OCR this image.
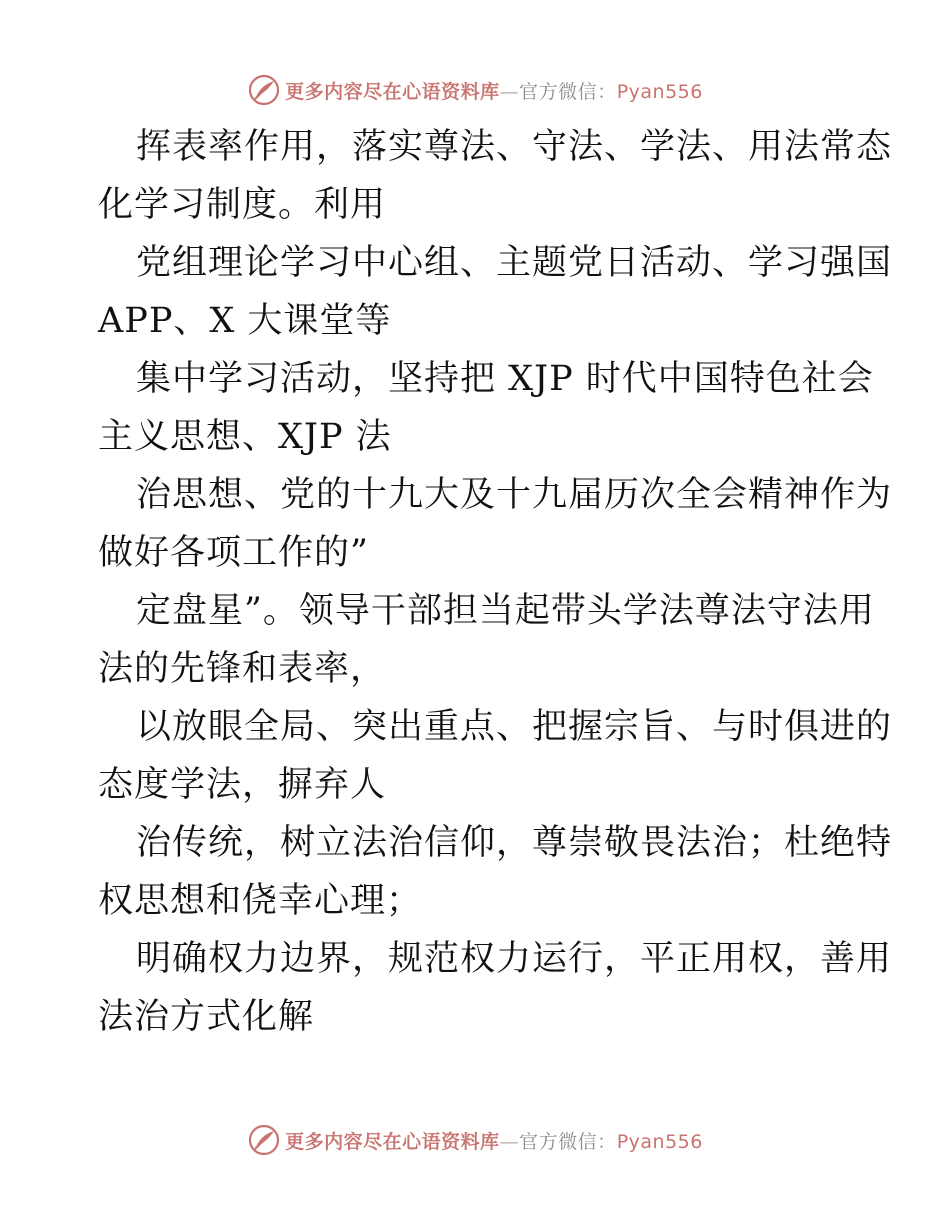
更多内容尽在心语资料库—官方微信：Pyan556
挥表率作用，落实尊法、守法、学法、用法常态
化学习制度。利用
党组理论学习中心组、主题党日活动、学习强国
APP、X 大课堂等
集中学习活动，坚持把 XJP 时代中国特色社会
主义思想、XJP 法
治思想、党的十九大及十九届历次全会精神作为
做好各项工作的”
定盘星”。领导干部担当起带头学法尊法守法用
法的先锋和表率，
以放眼全局、突出重点、把握宗旨、与时俱进的
态度学法，摒弃人
治传统，树立法治信仰，尊崇敬畏法治；杜绝特
权思想和侥幸心理；
明确权力边界，规范权力运行，平正用权，善用
法治方式化解
更多内容尽在心语资料库—官方微信：Pyan556
